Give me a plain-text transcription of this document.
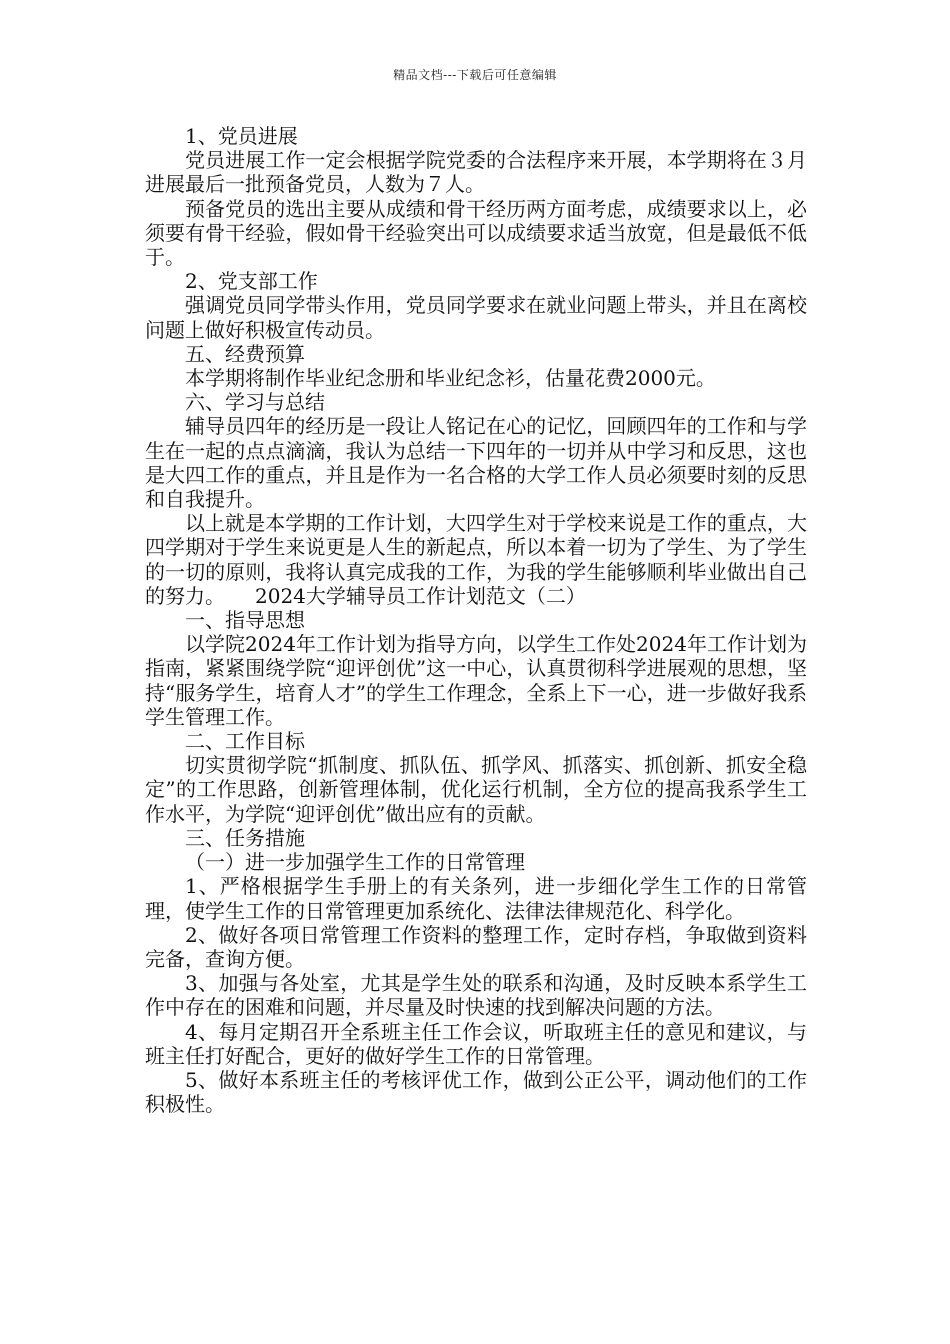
精品文档---下载后可任意编辑

1、党员进展

党员进展工作一定会根据学院党委的合法程序来开展，本学期将在３月进展最后一批预备党员，人数为７人。

预备党员的选出主要从成绩和骨干经历两方面考虑，成绩要求以上，必须要有骨干经验，假如骨干经验突出可以成绩要求适当放宽，但是最低不低于。

2、党支部工作

强调党员同学带头作用，党员同学要求在就业问题上带头，并且在离校问题上做好积极宣传动员。

五、经费预算

本学期将制作毕业纪念册和毕业纪念衫，估量花费2000元。

六、学习与总结

辅导员四年的经历是一段让人铭记在心的记忆，回顾四年的工作和与学生在一起的点点滴滴，我认为总结一下四年的一切并从中学习和反思，这也是大四工作的重点，并且是作为一名合格的大学工作人员必须要时刻的反思和自我提升。

以上就是本学期的工作计划，大四学生对于学校来说是工作的重点，大四学期对于学生来说更是人生的新起点，所以本着一切为了学生、为了学生的一切的原则，我将认真完成我的工作，为我的学生能够顺利毕业做出自己的努力。　　2024大学辅导员工作计划范文（二）

一、指导思想

以学院2024年工作计划为指导方向，以学生工作处2024年工作计划为指南，紧紧围绕学院“迎评创优”这一中心，认真贯彻科学进展观的思想，坚持“服务学生，培育人才”的学生工作理念，全系上下一心，进一步做好我系学生管理工作。

二、工作目标

切实贯彻学院“抓制度、抓队伍、抓学风、抓落实、抓创新、抓安全稳定”的工作思路，创新管理体制，优化运行机制，全方位的提高我系学生工作水平，为学院“迎评创优”做出应有的贡献。

三、任务措施

（一）进一步加强学生工作的日常管理

1、严格根据学生手册上的有关条列，进一步细化学生工作的日常管理，使学生工作的日常管理更加系统化、法律法律规范化、科学化。

2、做好各项日常管理工作资料的整理工作，定时存档，争取做到资料完备，查询方便。

3、加强与各处室，尤其是学生处的联系和沟通，及时反映本系学生工作中存在的困难和问题，并尽量及时快速的找到解决问题的方法。

4、每月定期召开全系班主任工作会议，听取班主任的意见和建议，与班主任打好配合，更好的做好学生工作的日常管理。

5、做好本系班主任的考核评优工作，做到公正公平，调动他们的工作积极性。
